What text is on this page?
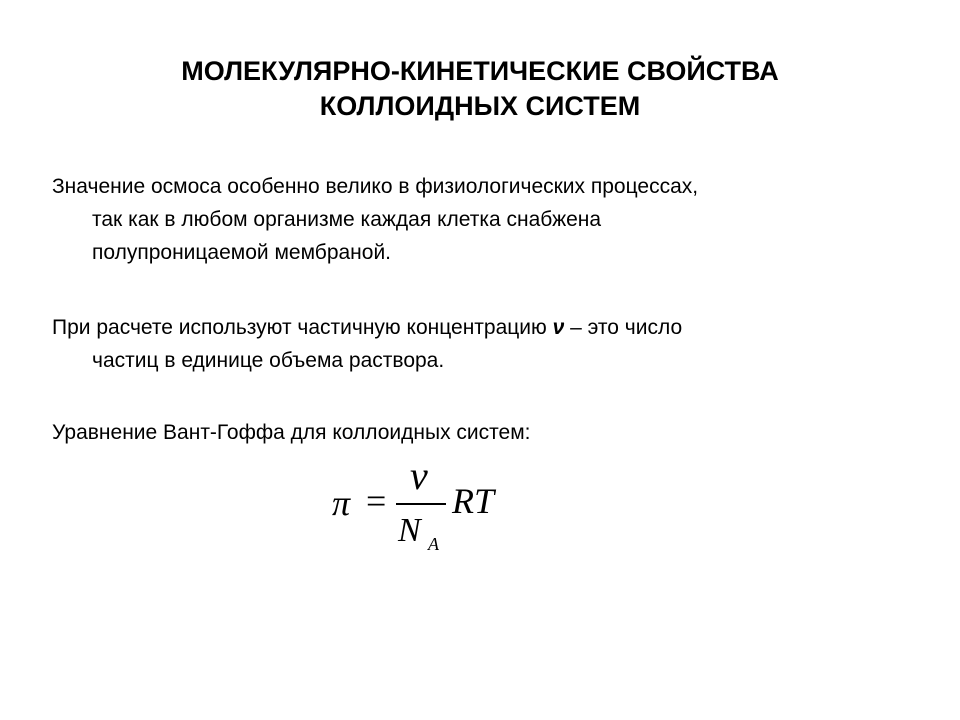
МОЛЕКУЛЯРНО-КИНЕТИЧЕСКИЕ СВОЙСТВА
КОЛЛОИДНЫХ СИСТЕМ
Значение осмоса особенно велико в физиологических процессах,
так как в любом организме каждая клетка снабжена
полупроницаемой мембраной.
При расчете используют частичную концентрацию ν – это число
частиц в единице объема раствора.
Уравнение Вант-Гоффа для коллоидных систем:
π =
ν
N A
RT
